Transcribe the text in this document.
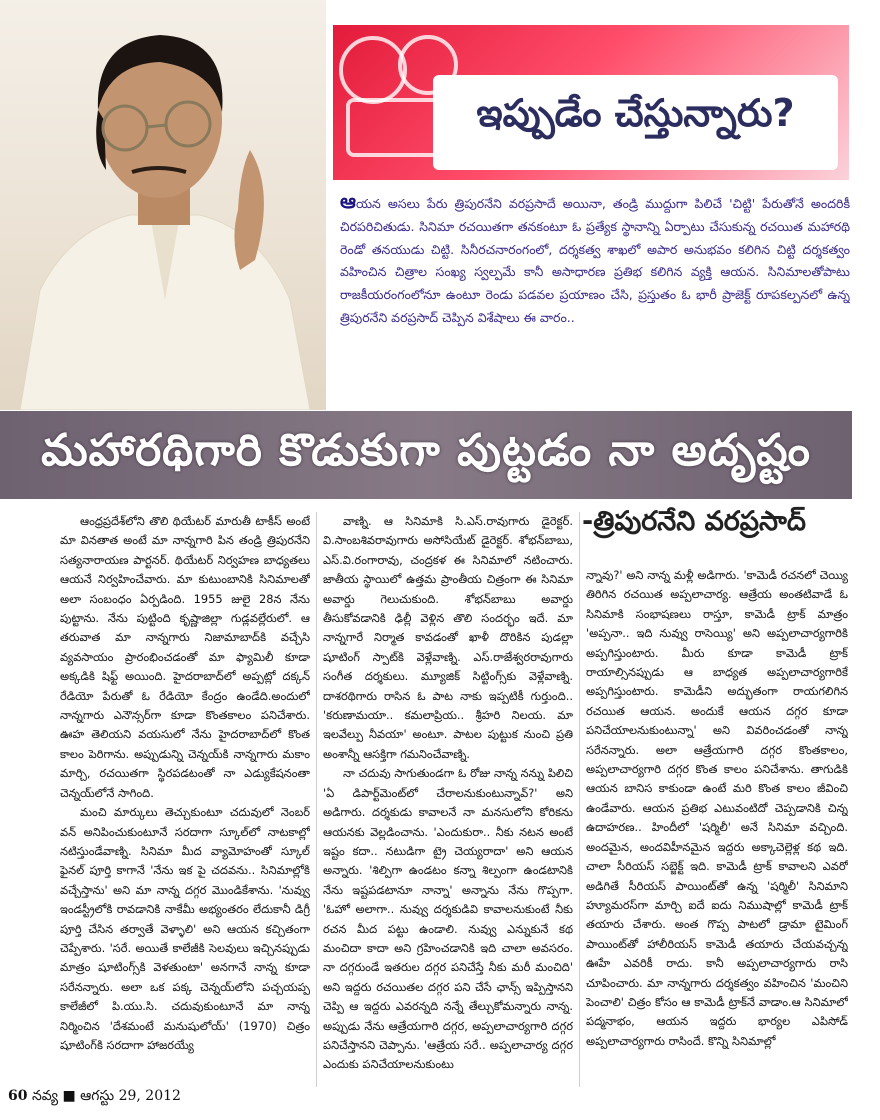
ఇప్పుడేం చేస్తున్నారు?
ఆయన అసలు పేరు త్రిపురనేని వరప్రసాదే అయినా, తండ్రి ముద్దుగా పిలిచే 'చిట్టి' పేరుతోనే అందరికీ చిరపరిచితుడు. సినిమా రచయితగా తనకంటూ ఓ ప్రత్యేక స్థానాన్ని ఏర్పాటు చేసుకున్న రచయిత మహారథి రెండో తనయుడు చిట్టి. సినీరచనారంగంలో, దర్శకత్వ శాఖలో అపార అనుభవం కలిగిన చిట్టి దర్శకత్వం వహించిన చిత్రాల సంఖ్య స్వల్పమే కానీ అసాధారణ ప్రతిభ కలిగిన వ్యక్తి ఆయన. సినిమాలతోపాటు రాజకీయరంగంలోనూ ఉంటూ రెండు పడవల ప్రయాణం చేసి, ప్రస్తుతం ఓ భారీ ప్రాజెక్ట్ రూపకల్పనలో ఉన్న త్రిపురనేని వరప్రసాద్ చెప్పిన విశేషాలు ఈ వారం..
మహారథిగారి కొడుకుగా పుట్టడం నా అదృష్టం
-త్రిపురనేని వరప్రసాద్

ఆంధ్రప్రదేశ్‌లోని తొలి థియేటర్ మారుతీ టాకీస్ అంటే మా వినతాత అంటే మా నాన్నగారి పిన తండ్రి త్రిపురనేని సత్యనారాయణ పార్టనర్. థియేటర్ నిర్వహణ బాధ్యతలు ఆయనే నిర్వహించేవారు. మా కుటుంబానికి సినిమాలతో అలా సంబంధం ఏర్పడింది. 1955 జులై 28న నేను పుట్టాను. నేను పుట్టింది కృష్ణాజిల్లా గుడ్లవల్లేరులో. ఆ తరువాత మా నాన్నగారు నిజామాబాద్‌కి వచ్చేసి వ్యవసాయం ప్రారంభించడంతో మా ఫ్యామిలీ కూడా అక్కడికి షిఫ్ట్ అయింది. హైదరాబాద్‌లో అప్పట్లో దక్కన్ రేడియో పేరుతో ఓ రేడియో కేంద్రం ఉండేది.అందులో నాన్నగారు ఎనౌన్సర్‌గా కూడా కొంతకాలం పనిచేశారు. ఊహ తెలియని వయసులో నేను హైదరాబాద్‌లో కొంత కాలం పెరిగాను. అప్పుడున్ని చెన్నయ్‌కి నాన్నగారు మకాం మార్చి, రచయితగా స్థిరపడటంతో నా ఎడ్యుకేషనంతా చెన్నయ్‌లోనే సాగింది.

మంచి మార్కులు తెచ్చుకుంటూ చదువులో నెంబర్ వన్ అనిపించుకుంటూనే సరదాగా స్కూల్‌లో నాటకాల్లో నటిస్తుండేవాణ్ని. సినిమా మీద వ్యామోహంతో స్కూల్ ఫైనల్ పూర్తి కాగానే 'నేను ఇక పై చదవను.. సినిమాల్లోకి వచ్చేస్తాను' అని మా నాన్న దగ్గర మొండికేశాను. 'నువ్వు ఇండస్ట్రీలోకి రావడానికి నాకేమీ అభ్యంతరం లేదుకానీ డిగ్రీ పూర్తి చేసిన తర్వాతే వెళ్ళాలి' అని ఆయన కచ్చితంగా చెప్పేశారు. 'సరే. అయితే కాలేజీకి సెలవులు ఇచ్చినప్పుడు మాత్రం షూటింగ్స్‌కి వెళతుంటా' అనగానే నాన్న కూడా సరేనన్నారు. అలా ఒక పక్క చెన్నయ్‌లోని పచ్చయప్ప కాలేజీలో పి.యు.సి. చదువుకుంటూనే మా నాన్న నిర్మించిన 'దేశమంటే మనుషులోయ్' (1970) చిత్రం షూటింగ్‌కి సరదాగా హాజరయ్యే

వాణ్ని. ఆ సినిమాకి సి.ఎస్.రావుగారు డైరెక్టర్. వి.సాంబశివరావుగారు అసోసియేట్ డైరెక్టర్. శోభన్‌బాబు, ఎస్.వి.రంగారావు, చంద్రకళ ఈ సినిమాలో నటించారు. జాతీయ స్థాయిలో ఉత్తమ ప్రాంతీయ చిత్రంగా ఈ సినిమా అవార్డు గెలుచుకుంది. శోభన్‌బాబు అవార్డు తీసుకోవడానికి ఢిల్లీ వెళ్లిన తొలి సందర్భం ఇదే. మా నాన్నగారే నిర్మాత కావడంతో ఖాళీ దొరికిన పుడల్లా షూటింగ్ స్పాట్‌కి వెళ్లేవాణ్ని. ఎస్.రాజేశ్వరరావుగారు సంగీత దర్శకులు. మ్యూజిక్ సిట్టింగ్స్‌కు వెళ్లేవాణ్ని. దాశరథిగారు రాసిన ఓ పాట నాకు ఇప్పటికీ గుర్తుంది.. 'కరుణామయా.. కమలాప్రియ.. శ్రీహరి నిలయ. మా ఇలవేల్పు నీవయా' అంటూ. పాటల పుట్టుక నుంచి ప్రతి అంశాన్నీ ఆసక్తిగా గమనించేవాణ్ని.

నా చదువు సాగుతుండగా ఓ రోజు నాన్న నన్ను పిలిచి 'ఏ డిపార్ట్‌మెంట్‌లో చేరాలనుకుంటున్నావ్?' అని అడిగారు. దర్శకుడు కావాలనే నా మనసులోని కోరికను ఆయనకు వెల్లడించాను. 'ఎందుకురా.. నీకు నటన అంటే ఇష్టం కదా.. నటుడిగా ట్రై చెయ్యరాదా' అని ఆయన అన్నారు. 'శిల్పిగా ఉండటం కన్నా శిల్పంగా ఉండటానికి నేను ఇష్టపడటానూ నాన్నా' అన్నాను నేను గొప్పగా. 'ఓహో అలాగా.. నువ్వు దర్శకుడివి కావాలనుకుంటే నీకు రచన మీద పట్టు ఉండాలి. నువ్వు ఎన్నుకునే కథ మంచిదా కాదా అని గ్రహించడానికి ఇది చాలా అవసరం. నా దగ్గరుండే ఇతరుల దగ్గర పనిచేస్తే నీకు మరీ మంచిది' అని ఇద్దరు రచయితల దగ్గర పని చేసే ఛాన్స్ ఇప్పిస్తానని చెప్పి ఆ ఇద్దరు ఎవరన్నది నన్నే తేల్చుకోమన్నారు నాన్న. అప్పుడు నేను ఆత్రేయగారి దగ్గర, అప్పలాచార్యగారి దగ్గర పనిచేస్తానని చెప్పాను. 'ఆత్రేయ సరే.. అప్పలాచార్య దగ్గర ఎందుకు పనిచేయాలనుకుంటు

న్నావు?' అని నాన్న మళ్లీ అడిగారు. 'కామెడీ రచనలో చెయ్యి తిరిగిన రచయిత అప్పలాచార్య. ఆత్రేయ అంతటివాడే ఓ సినిమాకి సంభాషణలు రాస్తూ, కామెడీ ట్రాక్ మాత్రం 'అప్పనా.. ఇది నువ్వు రాసెయ్యి' అని అప్పలాచార్యగారికి అప్పగిస్తుంటారు. మీరు కూడా కామెడీ ట్రాక్ రాయాల్సినప్పుడు ఆ బాధ్యత అప్పలాచార్యగారికే అప్పగిస్తుంటారు. కామెడీని అద్భుతంగా రాయగలిగిన రచయిత ఆయన. అందుకే ఆయన దగ్గర కూడా పనిచేయాలనుకుంటున్నా' అని వివరించడంతో నాన్న సరేనన్నారు. అలా ఆత్రేయగారి దగ్గర కొంతకాలం, అప్పలాచార్యగారి దగ్గర కొంత కాలం పనిచేశాను. తాగుడికి ఆయన బానిస కాకుండా ఉంటే మరి కొంత కాలం జీవించి ఉండేవారు. ఆయన ప్రతిభ ఎటువంటిదో చెప్పడానికి చిన్న ఉదాహరణ.. హిందీలో 'షర్మిలీ' అనే సినిమా వచ్చింది. అందమైన, అందవిహీనమైన ఇద్దరు అక్కాచెల్లెళ్ల కథ ఇది. చాలా సీరియస్ సబ్జెక్ట్ ఇది. కామెడీ ట్రాక్ కావాలని ఎవరో అడిగితే సీరియస్ పాయింట్‌తో ఉన్న 'షర్మిలీ' సినిమాని హ్యూమరస్‌గా మార్చి ఐదే ఐదు నిముషాల్లో కామెడీ ట్రాక్ తయారు చేశారు. అంత గొప్ప పాటలో డ్రామా టైమింగ్ పాయింట్‌తో హాలీరియస్ కామెడీ తయారు చేయవచ్చన్న ఊహే ఎవరికీ రాదు. కానీ అప్పలాచార్యగారు రాసి చూపించారు. మా నాన్నగారు దర్శకత్వం వహించిన 'మంచిని పెంచాలి' చిత్రం కోసం ఆ కామెడీ ట్రాక్‌నే వాడాం.ఆ సినిమాలో పద్మనాభం, ఆయన ఇద్దరు భార్యల ఎపిసోడ్ అప్పలాచార్యగారు రాసిందే. కొన్ని సినిమాల్లో

60 నవ్య ■ ఆగస్టు 29, 2012
